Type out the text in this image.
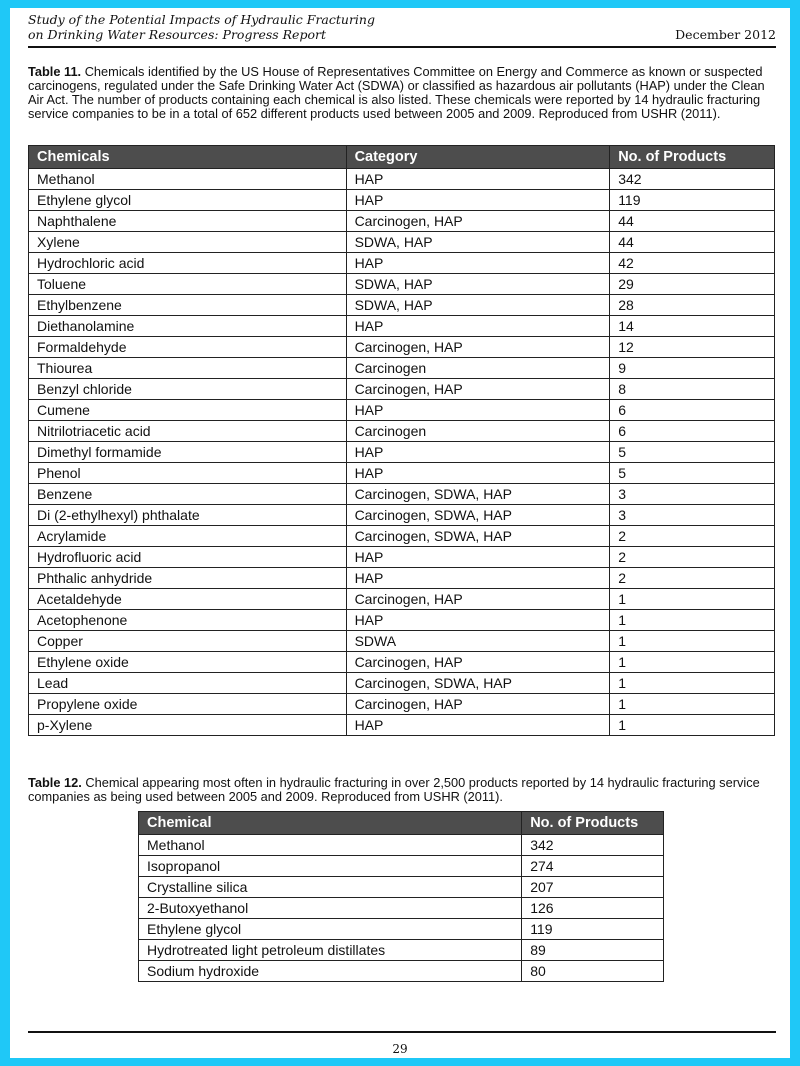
Study of the Potential Impacts of Hydraulic Fracturing
on Drinking Water Resources: Progress Report	December 2012
Table 11. Chemicals identified by the US House of Representatives Committee on Energy and Commerce as known or suspected carcinogens, regulated under the Safe Drinking Water Act (SDWA) or classified as hazardous air pollutants (HAP) under the Clean Air Act. The number of products containing each chemical is also listed. These chemicals were reported by 14 hydraulic fracturing service companies to be in a total of 652 different products used between 2005 and 2009. Reproduced from USHR (2011).
Chemicals	Category	No. of Products
Methanol	HAP	342
Ethylene glycol	HAP	119
Naphthalene	Carcinogen, HAP	44
Xylene	SDWA, HAP	44
Hydrochloric acid	HAP	42
Toluene	SDWA, HAP	29
Ethylbenzene	SDWA, HAP	28
Diethanolamine	HAP	14
Formaldehyde	Carcinogen, HAP	12
Thiourea	Carcinogen	9
Benzyl chloride	Carcinogen, HAP	8
Cumene	HAP	6
Nitrilotriacetic acid	Carcinogen	6
Dimethyl formamide	HAP	5
Phenol	HAP	5
Benzene	Carcinogen, SDWA, HAP	3
Di (2-ethylhexyl) phthalate	Carcinogen, SDWA, HAP	3
Acrylamide	Carcinogen, SDWA, HAP	2
Hydrofluoric acid	HAP	2
Phthalic anhydride	HAP	2
Acetaldehyde	Carcinogen, HAP	1
Acetophenone	HAP	1
Copper	SDWA	1
Ethylene oxide	Carcinogen, HAP	1
Lead	Carcinogen, SDWA, HAP	1
Propylene oxide	Carcinogen, HAP	1
p-Xylene	HAP	1
Table 12. Chemical appearing most often in hydraulic fracturing in over 2,500 products reported by 14 hydraulic fracturing service companies as being used between 2005 and 2009. Reproduced from USHR (2011).
Chemical	No. of Products
Methanol	342
Isopropanol	274
Crystalline silica	207
2-Butoxyethanol	126
Ethylene glycol	119
Hydrotreated light petroleum distillates	89
Sodium hydroxide	80
29
